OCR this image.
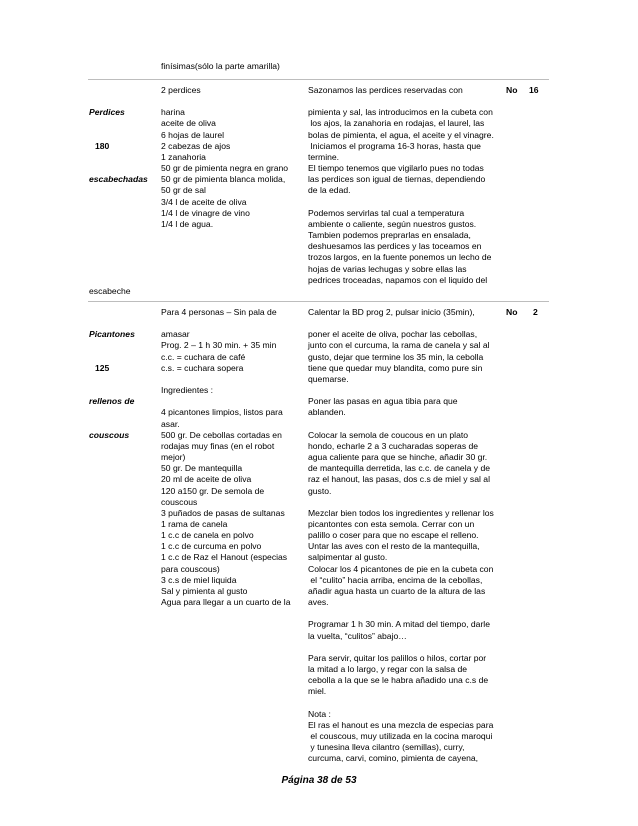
finísimas(sólo la parte amarilla)

Perdices

180

escabechadas

escabeche
2 perdices

harina
aceite de oliva
6 hojas de laurel
2 cabezas de ajos
1 zanahoria
50 gr de pimienta negra en grano
50 gr de pimienta blanca molida,
50 gr de sal
3/4 l de aceite de oliva
1/4 l de vinagre de vino
1/4 l de agua.
Sazonamos las perdices reservadas con

pimienta y sal, las introducimos en la cubeta con
los ajos, la zanahoria en rodajas, el laurel, las
bolas de pimienta, el agua, el aceite y el vinagre.
Iniciamos el programa 16-3 horas, hasta que
termine.
El tiempo tenemos que vigilarlo pues no todas
las perdices son igual de tiernas, dependiendo
de la edad.

Podemos servirlas tal cual a temperatura
ambiente o caliente, según nuestros gustos.
Tambien podemos preprarlas en ensalada,
deshuesamos las perdices y las toceamos en
trozos largos, en la fuente ponemos un lecho de
hojas de varias lechugas y sobre ellas las
pedrices troceadas, napamos con el liquido del
No 16

Picantones

125

rellenos de

couscous

Para 4 personas – Sin pala de

amasar
Prog. 2 – 1 h 30 min. + 35 min
c.c. = cuchara de café
c.s. = cuchara sopera

Ingredientes :

4 picantones limpios, listos para
asar.
500 gr. De cebollas cortadas en
rodajas muy finas (en el robot
mejor)
50 gr. De mantequilla
20 ml de aceite de oliva
120 a150 gr. De semola de
couscous
3 puñados de pasas de sultanas
1 rama de canela
1 c.c de canela en polvo
1 c.c de curcuma en polvo
1 c.c de Raz el Hanout (especias
para couscous)
3 c.s de miel liquida
Sal y pimienta al gusto
Agua para llegar a un cuarto de la
Calentar la BD prog 2, pulsar inicio (35min),

poner el aceite de oliva, pochar las cebollas,
junto con el curcuma, la rama de canela y sal al
gusto, dejar que termine los 35 min, la cebolla
tiene que quedar muy blandita, como pure sin
quemarse.

Poner las pasas en agua tibia para que
ablanden.

Colocar la semola de coucous en un plato
hondo, echarle 2 a 3 cucharadas soperas de
agua caliente para que se hinche, añadir 30 gr.
de mantequilla derretida, las c.c. de canela y de
raz el hanout, las pasas, dos c.s de miel y sal al
gusto.

Mezclar bien todos los ingredientes y rellenar los
picantontes con esta semola. Cerrar con un
palillo o coser para que no escape el relleno.
Untar las aves con el resto de la mantequilla,
salpimentar al gusto.
Colocar los 4 picantones de pie en la cubeta con
el “culito” hacia arriba, encima de la cebollas,
añadir agua hasta un cuarto de la altura de las
aves.

Programar 1 h 30 min. A mitad del tiempo, darle
la vuelta, “culitos” abajo…

Para servir, quitar los palillos o hilos, cortar por
la mitad a lo largo, y regar con la salsa de
cebolla a la que se le habra añadido una c.s de
miel.

Nota :
El ras el hanout es una mezcla de especias para
el couscous, muy utilizada en la cocina maroqui
y tunesina lleva cilantro (semillas), curry,
curcuma, carvi, comino, pimienta de cayena,
No 2
Página 38 de 53
